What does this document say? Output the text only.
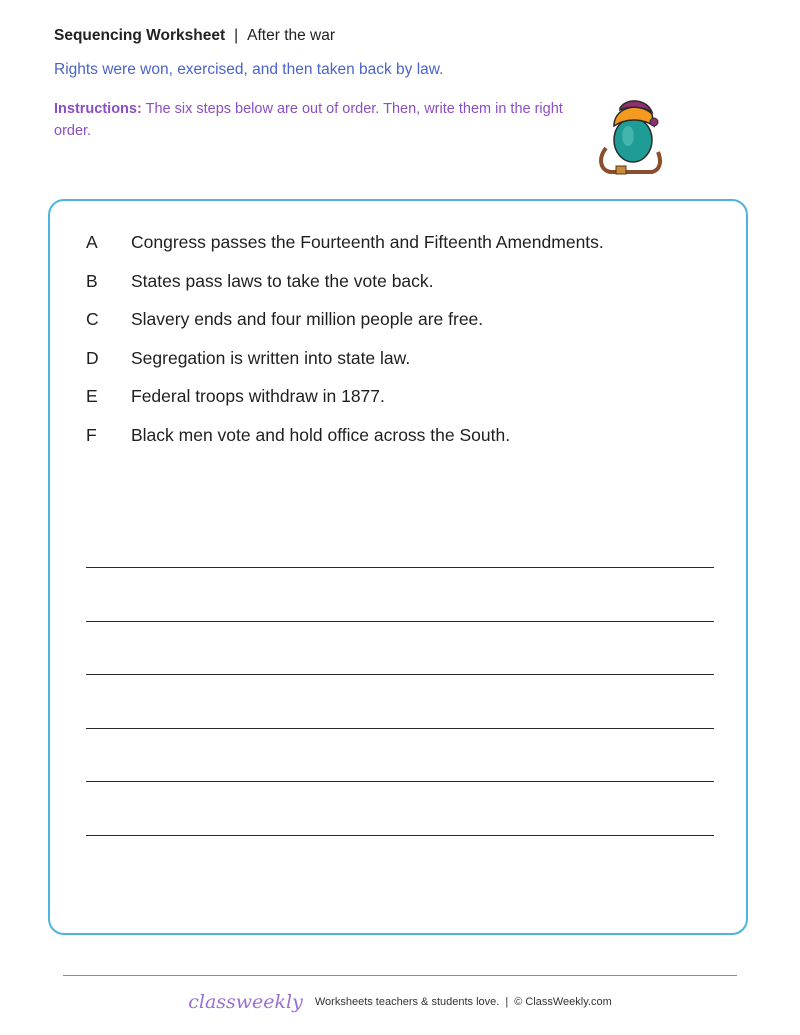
Sequencing Worksheet | After the war
Rights were won, exercised, and then taken back by law.
Instructions: The six steps below are out of order. Then, write them in the right order.
A	Congress passes the Fourteenth and Fifteenth Amendments.
B	States pass laws to take the vote back.
C	Slavery ends and four million people are free.
D	Segregation is written into state law.
E	Federal troops withdraw in 1877.
F	Black men vote and hold office across the South.
classweekly Worksheets teachers & students love. | © ClassWeekly.com
